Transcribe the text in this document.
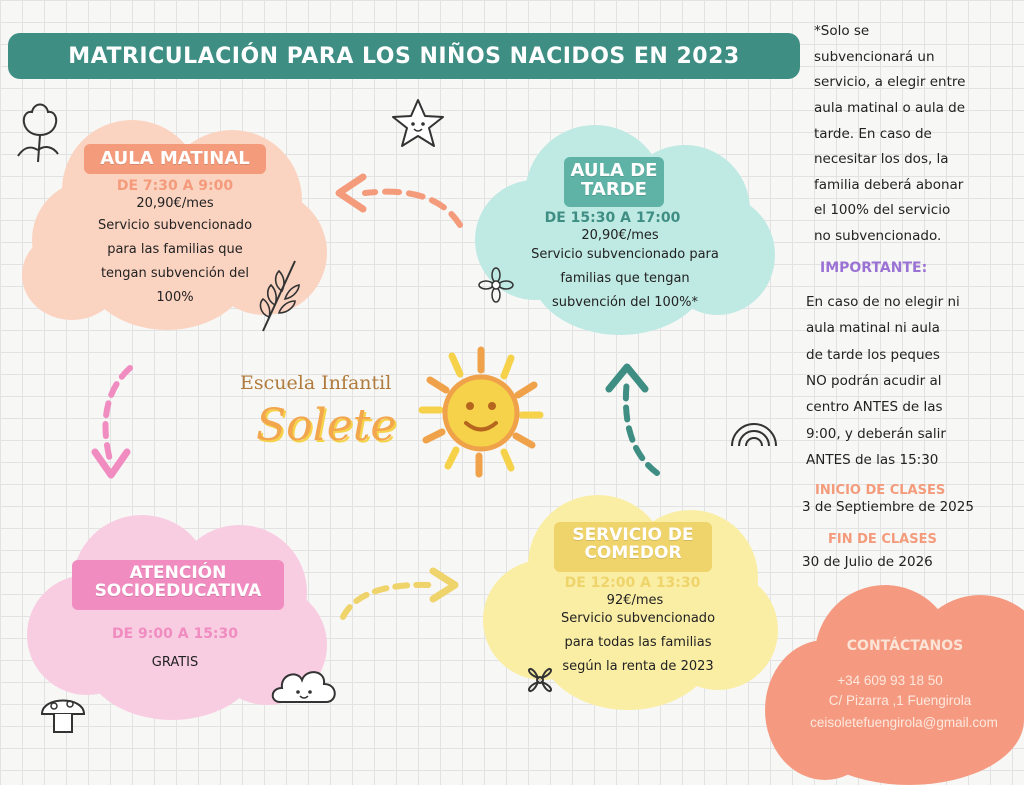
MATRICULACIÓN PARA LOS NIÑOS NACIDOS EN 2023
AULA MATINAL
DE 7:30 A 9:00
20,90€/mes
Servicio subvencionado
para las familias que
tengan subvención del
100%
AULA DE
TARDE
DE 15:30 A 17:00
20,90€/mes
Servicio subvencionado para
familias que tengan
subvención del 100%*
ATENCIÓN
SOCIOEDUCATIVA
DE 9:00 A 15:30
GRATIS
SERVICIO DE
COMEDOR
DE 12:00 A 13:30
92€/mes
Servicio subvencionado
para todas las familias
según la renta de 2023
CONTÁCTANOS
+34 609 93 18 50
C/ Pizarra ,1 Fuengirola
ceisoletefuengirola@gmail.com
Escuela Infantil
Solete
*Solo se
subvencionará un
servicio, a elegir entre
aula matinal o aula de
tarde. En caso de
necesitar los dos, la
familia deberá abonar
el 100% del servicio
no subvencionado.
IMPORTANTE:
En caso de no elegir ni
aula matinal ni aula
de tarde los peques
NO podrán acudir al
centro ANTES de las
9:00, y deberán salir
ANTES de las 15:30
INICIO DE CLASES
3 de Septiembre de 2025
FIN DE CLASES
30 de Julio de 2026
